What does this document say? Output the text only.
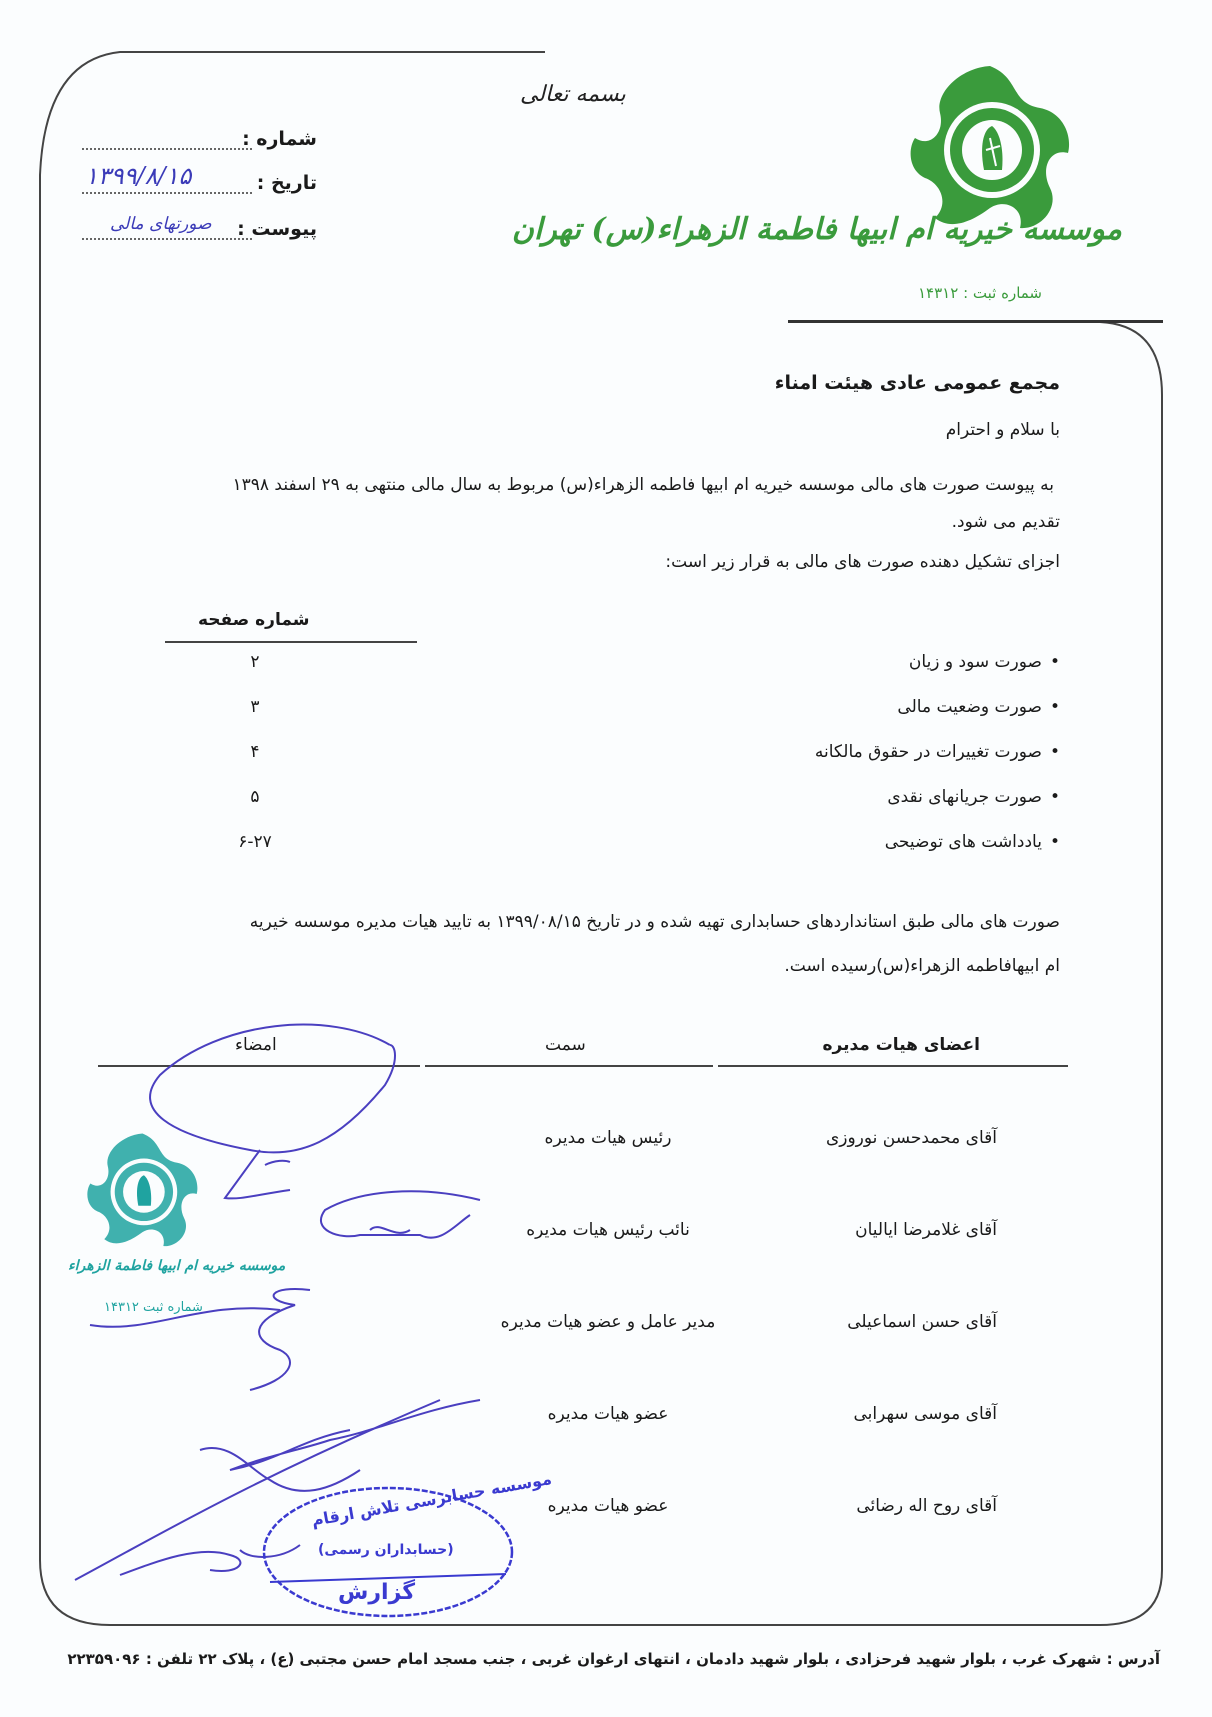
موسسه خیریه ام ابیها فاطمة الزهراء(س) تهران
شماره ثبت : ۱۴۳۱۲
بسمه تعالی
شماره :
تاریخ :
۱۳۹۹/۸/۱۵
پیوست :
صورتهای مالی
مجمع عمومی عادی هیئت امناء
با سلام و احترام
به پیوست صورت های مالی موسسه خیریه ام ابیها فاطمه الزهراء(س) مربوط به سال مالی منتهی به ۲۹ اسفند ۱۳۹۸
تقدیم می شود.
اجزای تشکیل دهنده صورت های مالی به قرار زیر است:
شماره صفحه
•صورت سود و زیان
۲
•صورت وضعیت مالی
۳
•صورت تغییرات در حقوق مالکانه
۴
•صورت جریانهای نقدی
۵
•یادداشت های توضیحی
۶-۲۷
صورت های مالی طبق استانداردهای حسابداری تهیه شده و در تاریخ ۱۳۹۹/۰۸/۱۵ به تایید هیات مدیره موسسه خیریه
ام ابیهافاطمه الزهراء(س)رسیده است.
اعضای هیات مدیره
سمت
امضاء
آقای محمدحسن نوروزی
رئیس هیات مدیره
آقای غلامرضا ایالیان
نائب رئیس هیات مدیره
آقای حسن اسماعیلی
مدیر عامل و عضو هیات مدیره
آقای موسی سهرابی
عضو هیات مدیره
آقای روح اله رضائی
عضو هیات مدیره
موسسه خیریه ام ابیها فاطمة الزهراء
شماره ثبت ۱۴۳۱۲
موسسه حسابرسی تلاش ارقام
(حسابداران رسمی)
گزارش
آدرس : شهرک غرب ، بلوار شهید فرحزادی ، بلوار شهید دادمان ، انتهای ارغوان غربی ، جنب مسجد امام حسن مجتبی (ع) ، پلاک ۲۲ تلفن : ۲۲۳۵۹۰۹۶
